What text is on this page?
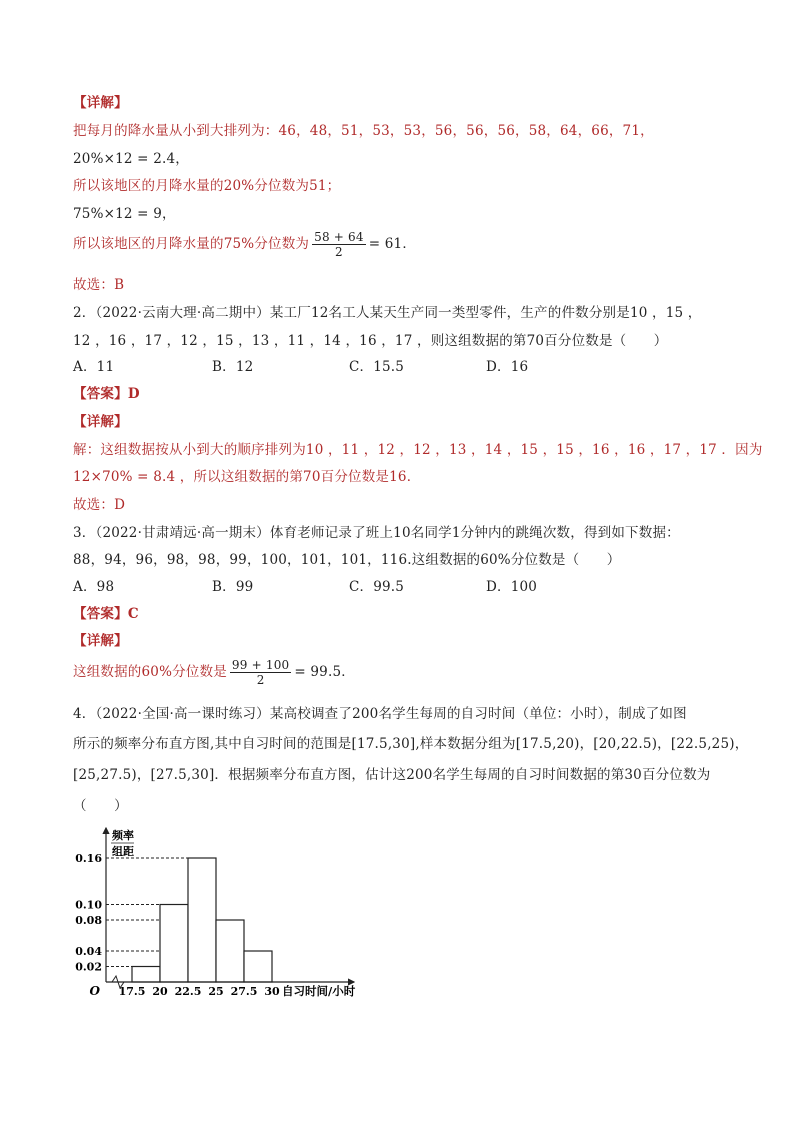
【详解】
把每月的降水量从小到大排列为：46，48，51，53，53，56，56，56，58，64，66，71，
20%×12 = 2.4，
所以该地区的月降水量的20%分位数为51；
75%×12 = 9，
所以该地区的月降水量的75%分位数为 $\frac{58 + 64}{2} = 61$．
故选：B
2．（2022·云南大理·高二期中）某工厂12名工人某天生产同一类型零件，生产的件数分别是10 ，15 ，
12 ，16 ，17 ，12 ，15 ，13 ，11 ，14 ，16 ，17 ，则这组数据的第70百分位数是（　　）
A．11	B．12	C．15.5	D．16
【答案】D
【详解】
解：这组数据按从小到大的顺序排列为10 ，11 ，12 ，12 ，13 ，14 ，15 ，15 ，16 ，16 ，17 ，17 ．因为
12×70% = 8.4 ，所以这组数据的第70百分位数是16．
故选：D
3．（2022·甘肃靖远·高一期末）体育老师记录了班上10名同学1分钟内的跳绳次数，得到如下数据：
88，94，96，98，98，99，100，101，101，116.这组数据的60%分位数是（　　）
A．98	B．99	C．99.5	D．100
【答案】C
【详解】
这组数据的60%分位数是 $\frac{99 + 100}{2} = 99.5$．
4．（2022·全国·高一课时练习）某高校调查了200名学生每周的自习时间（单位：小时），制成了如图
所示的频率分布直方图,其中自习时间的范围是[17.5,30],样本数据分组为[17.5,20)，[20,22.5)，[22.5,25)，
[25,27.5)，[27.5,30]．根据频率分布直方图，估计这200名学生每周的自习时间数据的第30百分位数为
（　　）
频率
组距
O	自习时间/小时
0.16
0.10
0.08
0.04
0.02
17.5 20 22.5 25 27.5 30
